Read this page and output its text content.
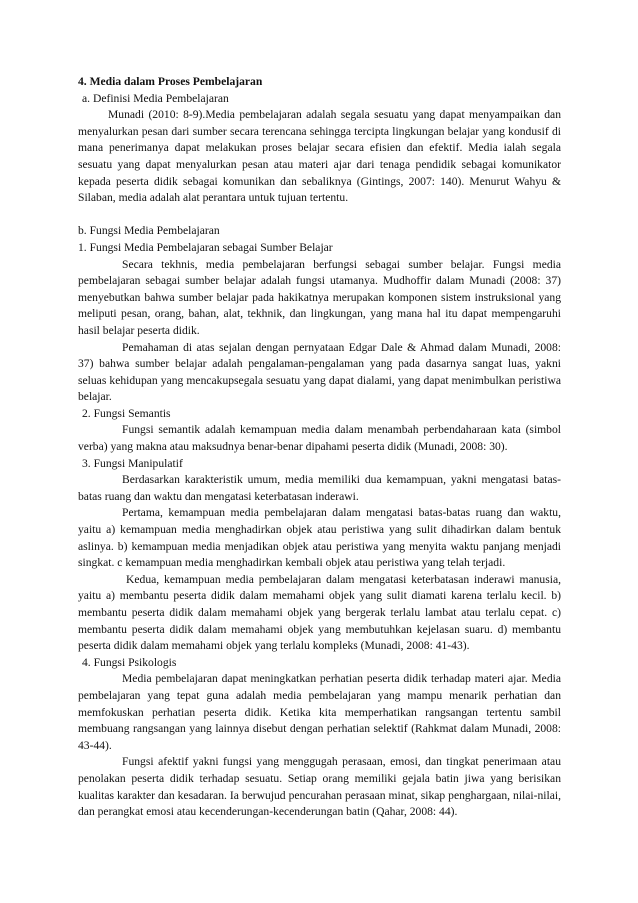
4. Media dalam Proses Pembelajaran

a. Definisi Media Pembelajaran

Munadi (2010: 8-9).Media pembelajaran adalah segala sesuatu yang dapat menyampaikan dan menyalurkan pesan dari sumber secara terencana sehingga tercipta lingkungan belajar yang kondusif di mana penerimanya dapat melakukan proses belajar secara efisien dan efektif. Media ialah segala sesuatu yang dapat menyalurkan pesan atau materi ajar dari tenaga pendidik sebagai komunikator kepada peserta didik sebagai komunikan dan sebaliknya (Gintings, 2007: 140). Menurut Wahyu & Silaban, media adalah alat perantara untuk tujuan tertentu.

b. Fungsi Media Pembelajaran

1. Fungsi Media Pembelajaran sebagai Sumber Belajar

Secara tekhnis, media pembelajaran berfungsi sebagai sumber belajar. Fungsi media pembelajaran sebagai sumber belajar adalah fungsi utamanya. Mudhoffir dalam Munadi (2008: 37) menyebutkan bahwa sumber belajar pada hakikatnya merupakan komponen sistem instruksional yang meliputi pesan, orang, bahan, alat, tekhnik, dan lingkungan, yang mana hal itu dapat mempengaruhi hasil belajar peserta didik.

Pemahaman di atas sejalan dengan pernyataan Edgar Dale & Ahmad dalam Munadi, 2008: 37) bahwa sumber belajar adalah pengalaman-pengalaman yang pada dasarnya sangat luas, yakni seluas kehidupan yang mencakupsegala sesuatu yang dapat dialami, yang dapat menimbulkan peristiwa belajar.

2. Fungsi Semantis

Fungsi semantik adalah kemampuan media dalam menambah perbendaharaan kata (simbol verba) yang makna atau maksudnya benar-benar dipahami peserta didik (Munadi, 2008: 30).

3. Fungsi Manipulatif

Berdasarkan karakteristik umum, media memiliki dua kemampuan, yakni mengatasi batas-batas ruang dan waktu dan mengatasi keterbatasan inderawi.

Pertama, kemampuan media pembelajaran dalam mengatasi batas-batas ruang dan waktu, yaitu a) kemampuan media menghadirkan objek atau peristiwa yang sulit dihadirkan dalam bentuk aslinya. b) kemampuan media menjadikan objek atau peristiwa yang menyita waktu panjang menjadi singkat. c kemampuan media menghadirkan kembali objek atau peristiwa yang telah terjadi.

Kedua, kemampuan media pembelajaran dalam mengatasi keterbatasan inderawi manusia, yaitu a) membantu peserta didik dalam memahami objek yang sulit diamati karena terlalu kecil. b) membantu peserta didik dalam memahami objek yang bergerak terlalu lambat atau terlalu cepat. c) membantu peserta didik dalam memahami objek yang membutuhkan kejelasan suaru. d) membantu peserta didik dalam memahami objek yang terlalu kompleks (Munadi, 2008: 41-43).

4. Fungsi Psikologis

Media pembelajaran dapat meningkatkan perhatian peserta didik terhadap materi ajar. Media pembelajaran yang tepat guna adalah media pembelajaran yang mampu menarik perhatian dan memfokuskan perhatian peserta didik. Ketika kita memperhatikan rangsangan tertentu sambil membuang rangsangan yang lainnya disebut dengan perhatian selektif (Rahkmat dalam Munadi, 2008: 43-44).

Fungsi afektif yakni fungsi yang menggugah perasaan, emosi, dan tingkat penerimaan atau penolakan peserta didik terhadap sesuatu. Setiap orang memiliki gejala batin jiwa yang berisikan kualitas karakter dan kesadaran. Ia berwujud pencurahan perasaan minat, sikap penghargaan, nilai-nilai, dan perangkat emosi atau kecenderungan-kecenderungan batin (Qahar, 2008: 44).
